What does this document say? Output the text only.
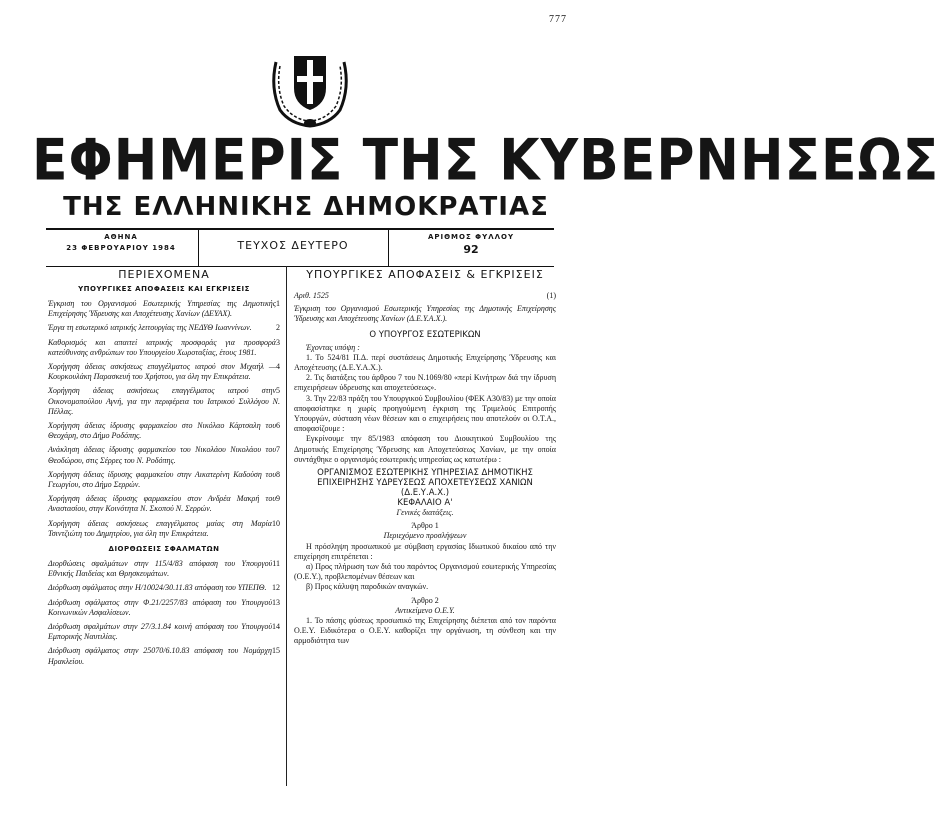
777
ΕΦΗΜΕΡΙΣ ΤΗΣ ΚΥΒΕΡΝΗΣΕΩΣ
ΤΗΣ ΕΛΛΗΝΙΚΗΣ ΔΗΜΟΚΡΑΤΙΑΣ
ΑΘΗΝΑ
23 ΦΕΒΡΟΥΑΡΙΟΥ 1984	ΤΕΥΧΟΣ ΔΕΥΤΕΡΟ
ΑΡΙΘΜΟΣ ΦΥΛΛΟΥ
92
ΠΕΡΙΕΧΟΜΕΝΑ
ΥΠΟΥΡΓΙΚΕΣ ΑΠΟΦΑΣΕΙΣ ΚΑΙ ΕΓΚΡΙΣΕΙΣ
1
Έγκριση του Οργανισμού Εσωτερικής Υπηρεσίας της Δημοτικής Επιχείρησης Ύδρευσης και Αποχέτευσης Χανίων (ΔΕΥΑΧ).
2
Έργα τη εσωτερικό ιατρικής λειτουργίας της ΝΕΔΥΘ Ιωαννίνων.
3
Καθορισμός και απαιτεί ιατρικής προσφοράς για προσφορά κατεύθυνσης ανθρώπων του Υπουργείου Χωροταξίας, έτους 1981.
4
Χορήγηση άδειας ασκήσεως επαγγέλματος ιατρού στον Μιχαήλ — Κουρκουλάκη Παρασκευή του Χρήστου, για όλη την Επικράτεια.
5
Χορήγηση άδειας ασκήσεως επαγγέλματος ιατρού στην Οικονομοπούλου Αγνή, για την περιφέρεια του Ιατρικού Συλλόγου Ν. Πέλλας.
6
Χορήγηση άδειας ίδρυσης φαρμακείου στο Νικόλαο Κάρτσαλη του Θεοχάρη, στο Δήμο Ροδόπης.
7
Ανάκληση άδειας ίδρυσης φαρμακείου του Νικολάου Νικολάου του Θεοδώρου, στις Σέρρες του Ν. Ροδόπης.
8
Χορήγηση άδειας ίδρυσης φαρμακείου στην Αικατερίνη Καδούση του Γεωργίου, στο Δήμο Σερρών.
9
Χορήγηση άδειας ίδρυσης φαρμακείου στον Ανδρέα Μακρή του Αναστασίου, στην Κοινότητα Ν. Σκοπού Ν. Σερρών.
10
Χορήγηση άδειας ασκήσεως επαγγέλματος μαίας στη Μαρία Τσιντζιώτη του Δημητρίου, για όλη την Επικράτεια.
ΔΙΟΡΘΩΣΕΙΣ ΣΦΑΛΜΑΤΩΝ
11
Διορθώσεις σφαλμάτων στην 115/4/83 απόφαση του Υπουργού Εθνικής Παιδείας και Θρησκευμάτων.
12
Διόρθωση σφάλματος στην Η/10024/30.11.83 απόφαση του ΥΠΕΠΘ.
13
Διόρθωση σφάλματος στην Φ.21/2257/83 απόφαση του Υπουργού Κοινωνικών Ασφαλίσεων.
14
Διόρθωση σφαλμάτων στην 27/3.1.84 κοινή απόφαση του Υπουργού Εμπορικής Ναυτιλίας.
15
Διόρθωση σφάλματος στην 25070/6.10.83 απόφαση του Νομάρχη Ηρακλείου.
ΥΠΟΥΡΓΙΚΕΣ ΑΠΟΦΑΣΕΙΣ & ΕΓΚΡΙΣΕΙΣ
Αριθ. 1525	(1)

Έγκριση του Οργανισμού Εσωτερικής Υπηρεσίας της Δημοτικής Επιχείρησης Ύδρευσης και Αποχέτευσης Χανίων (Δ.Ε.Υ.Α.Χ.).

Ο ΥΠΟΥΡΓΟΣ ΕΣΩΤΕΡΙΚΩΝ

Έχοντας υπόψη :

1. Το 524/81 Π.Δ. περί συστάσεως Δημοτικής Επιχείρησης Ύδρευσης και Αποχέτευσης (Δ.Ε.Υ.Α.Χ.).

2. Τις διατάξεις του άρθρου 7 του Ν.1069/80 «περί Κινήτρων διά την ίδρυση επιχειρήσεων ύδρευσης και αποχετεύσεως».

3. Την 22/83 πράξη του Υπουργικού Συμβουλίου (ΦΕΚ Α30/83) με την οποία αποφασίστηκε η χωρίς προηγούμενη έγκριση της Τριμελούς Επιτροπής Υπουργών, σύσταση νέων θέσεων και ο επιχειρήσεις που αποτελούν οι Ο.Τ.Α., αποφασίζουμε :

Εγκρίνουμε την 85/1983 απόφαση του Διοικητικού Συμβουλίου της Δημοτικής Επιχείρησης Ύδρευσης και Αποχετεύσεως Χανίων, με την οποία συντάχθηκε ο οργανισμός εσωτερικής υπηρεσίας ως κατωτέρω :

ΟΡΓΑΝΙΣΜΟΣ ΕΣΩΤΕΡΙΚΗΣ ΥΠΗΡΕΣΙΑΣ ΔΗΜΟΤΙΚΗΣ ΕΠΙΧΕΙΡΗΣΗΣ ΥΔΡΕΥΣΕΩΣ ΑΠΟΧΕΤΕΥΣΕΩΣ ΧΑΝΙΩΝ (Δ.Ε.Υ.Α.Χ.)

ΚΕΦΑΛΑΙΟ Α'

Γενικές διατάξεις.

Άρθρο 1

Περιεχόμενο προσλήψεων

Η πρόσληψη προσωπικού με σύμβαση εργασίας Ιδιωτικού δικαίου από την επιχείρηση επιτρέπεται :

α) Προς πλήρωση των διά του παρόντος Οργανισμού εσωτερικής Υπηρεσίας (Ο.Ε.Υ.), προβλεπομένων θέσεων και

β) Προς κάλυψη παροδικών αναγκών.

Άρθρο 2

Αντικείμενο Ο.Ε.Υ.

1. Το πάσης φύσεως προσωπικό της Επιχείρησης διέπεται από τον παρόντα Ο.Ε.Υ. Ειδικότερα ο Ο.Ε.Υ. καθορίζει την οργάνωση, τη σύνθεση και την αρμοδιότητα των
